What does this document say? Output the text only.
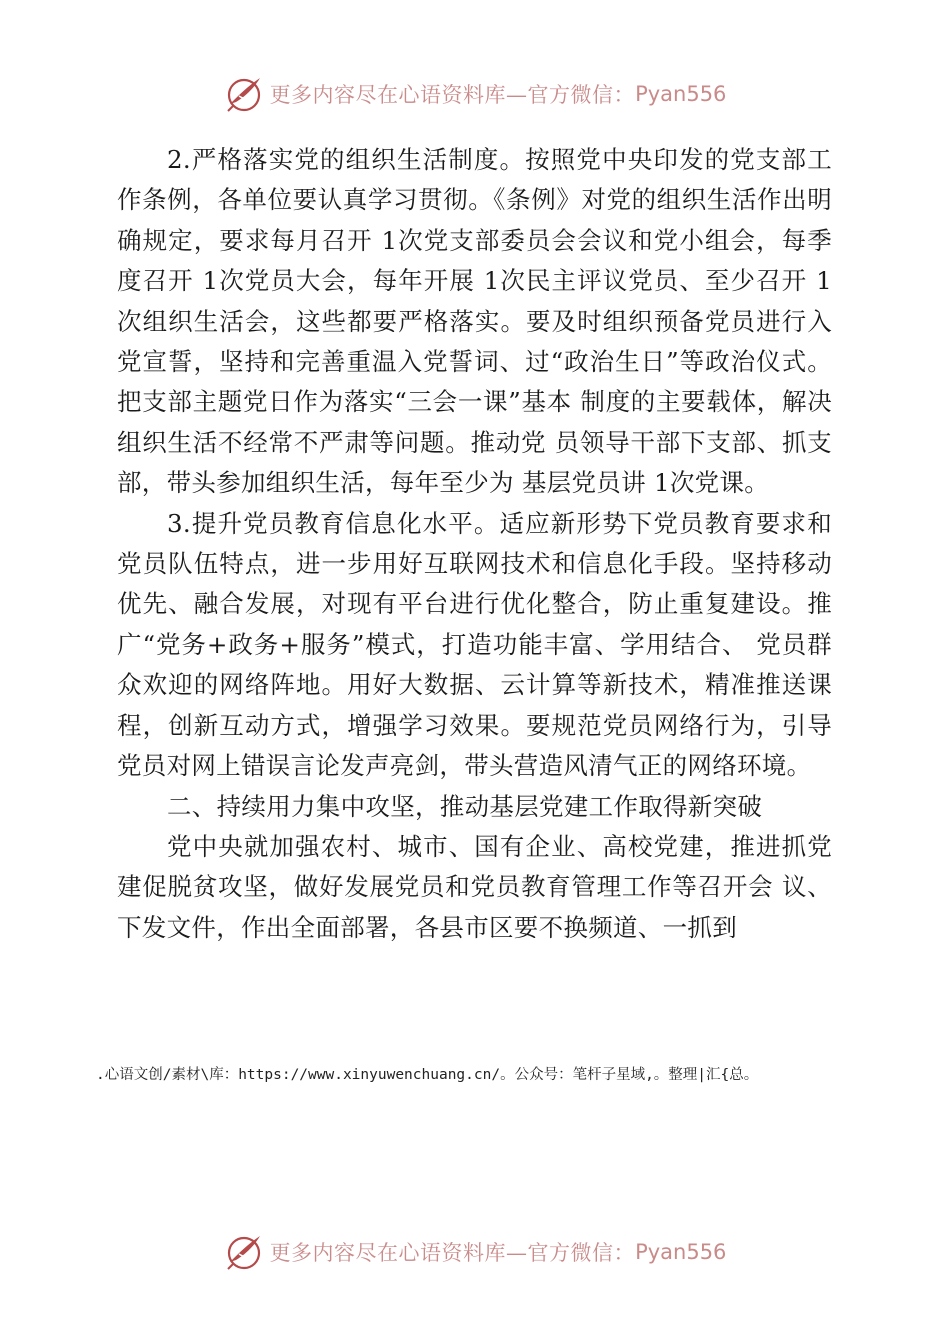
更多内容尽在心语资料库—官方微信： Pyan556

2.严格落实党的组织生活制度。按照党中央印发的党支部工作条例，各单位要认真学习贯彻。《条例》对党的组织生活作出明确规定，要求每月召开 1次党支部委员会会议和党小组会，每季度召开 1次党员大会，每年开展 1次民主评议党员、至少召开 1次组织生活会，这些都要严格落实。要及时组织预备党员进行入党宣誓，坚持和完善重温入党誓词、过“政治生日”等政治仪式。把支部主题党日作为落实“三会一课”基本 制度的主要载体，解决组织生活不经常不严肃等问题。推动党 员领导干部下支部、抓支部，带头参加组织生活，每年至少为 基层党员讲 1次党课。

3.提升党员教育信息化水平。适应新形势下党员教育要求和党员队伍特点，进一步用好互联网技术和信息化手段。坚持移动优先、融合发展，对现有平台进行优化整合，防止重复建设。推广“党务+政务+服务”模式，打造功能丰富、学用结合、 党员群众欢迎的网络阵地。用好大数据、云计算等新技术，精准推送课程，创新互动方式，增强学习效果。要规范党员网络行为，引导党员对网上错误言论发声亮剑，带头营造风清气正的网络环境。

二、持续用力集中攻坚，推动基层党建工作取得新突破

党中央就加强农村、城市、国有企业、高校党建，推进抓党建促脱贫攻坚，做好发展党员和党员教育管理工作等召开会 议、下发文件，作出全面部署，各县市区要不换频道、一抓到

.心语文创/素材\库：https://www.xinyuwenchuang.cn/。公众号：笔杆子星域,。整理|汇{总。
更多内容尽在心语资料库—官方微信： Pyan556
